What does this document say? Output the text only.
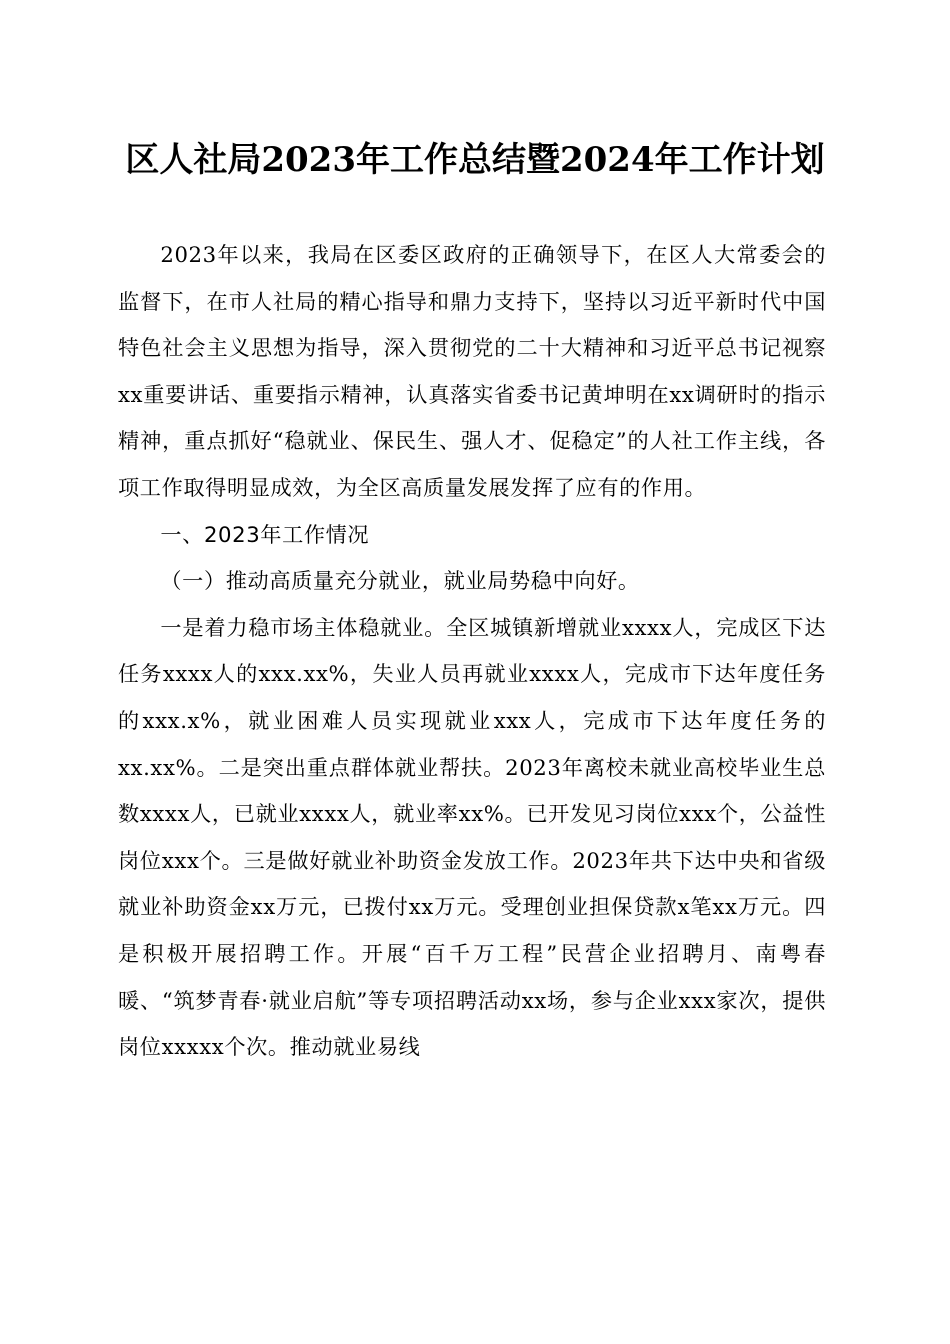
区人社局2023年工作总结暨2024年工作计划

2023年以来，我局在区委区政府的正确领导下，在区人大常委会的监督下，在市人社局的精心指导和鼎力支持下，坚持以习近平新时代中国特色社会主义思想为指导，深入贯彻党的二十大精神和习近平总书记视察xx重要讲话、重要指示精神，认真落实省委书记黄坤明在xx调研时的指示精神，重点抓好“稳就业、保民生、强人才、促稳定”的人社工作主线，各项工作取得明显成效，为全区高质量发展发挥了应有的作用。

一、2023年工作情况

（一）推动高质量充分就业，就业局势稳中向好。

一是着力稳市场主体稳就业。全区城镇新增就业xxxx人，完成区下达任务xxxx人的xxx.xx%，失业人员再就业xxxx人，完成市下达年度任务的xxx.x%，就业困难人员实现就业xxx人，完成市下达年度任务的xx.xx%。二是突出重点群体就业帮扶。2023年离校未就业高校毕业生总数xxxx人，已就业xxxx人，就业率xx%。已开发见习岗位xxx个，公益性岗位xxx个。三是做好就业补助资金发放工作。2023年共下达中央和省级就业补助资金xx万元，已拨付xx万元。受理创业担保贷款x笔xx万元。四是积极开展招聘工作。开展“百千万工程”民营企业招聘月、南粤春暖、“筑梦青春·就业启航”等专项招聘活动xx场，参与企业xxx家次，提供岗位xxxxx个次。推动就业易线
